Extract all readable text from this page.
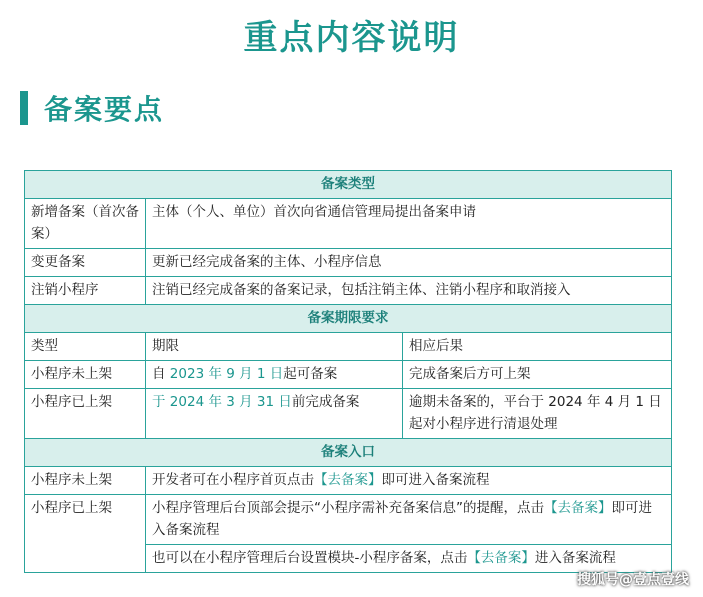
重点内容说明
备案要点
备案类型		
新增备案（首次备案）	主体（个人、单位）首次向省通信管理局提出备案申请	
变更备案	更新已经完成备案的主体、小程序信息	
注销小程序	注销已经完成备案的备案记录，包括注销主体、注销小程序和取消接入	
备案期限要求		
类型	期限	相应后果
小程序未上架	自 2023 年 9 月 1 日起可备案	完成备案后方可上架
小程序已上架	于 2024 年 3 月 31 日前完成备案	逾期未备案的，平台于 2024 年 4 月 1 日起对小程序进行清退处理
备案入口		
小程序未上架	开发者可在小程序首页点击【去备案】即可进入备案流程	
小程序已上架	小程序管理后台顶部会提示“小程序需补充备案信息”的提醒，点击【去备案】即可进入备案流程
也可以在小程序管理后台设置模块-小程序备案，点击【去备案】进入备案流程	
搜狐号@壹点壹线
